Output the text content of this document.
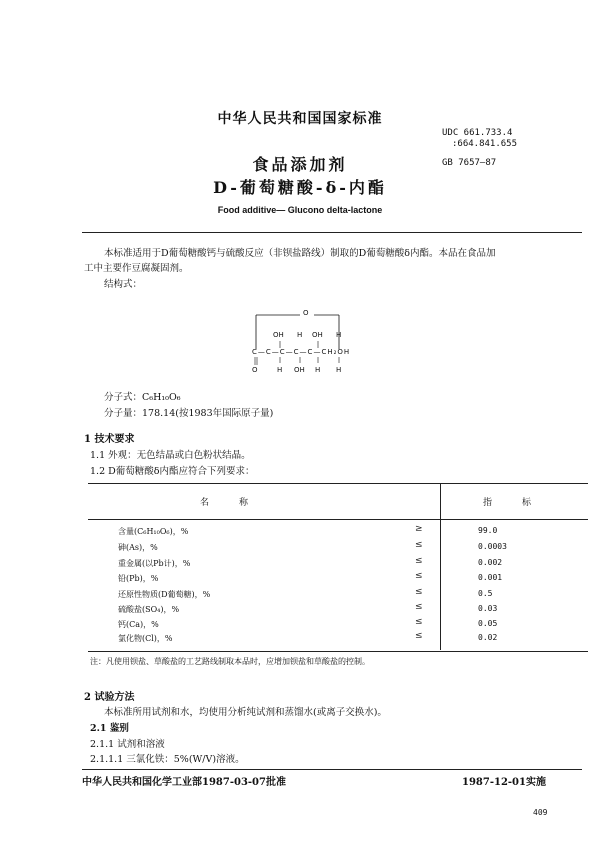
中华人民共和国国家标准
UDC 661.733.4
:664.841.655
GB 7657—87
食品添加剂
D-葡萄糖酸-δ-内酯
Food additive— Glucono delta-lactone
本标准适用于D葡萄糖酸钙与硫酸反应（非钡盐路线）制取的D葡萄糖酸δ内酯。本品在食品加
工中主要作豆腐凝固剂。
结构式：
O
OH H OH H
C—C—C—C—C—CH₂OH
O	H OH H H
分子式：C₆H₁₀O₆
分子量：178.14(按1983年国际原子量)
1 技术要求
1.1 外观：无色结晶或白色粉状结晶。
1.2 D葡萄糖酸δ内酯应符合下列要求：
名称	指标
含量(C₆H₁₀O₆)，%	≥	99.0
砷(As)，%	≤	0.0003
重金属(以Pb计)，%	≤	0.002
铅(Pb)，%	≤	0.001
还原性物质(D葡萄糖)，%	≤	0.5
硫酸盐(SO₄)，%	≤	0.03
钙(Ca)，%	≤	0.05
氯化物(Cl)，%	≤	0.02
注：凡使用钡盐、草酸盐的工艺路线制取本品时，应增加钡盐和草酸盐的控制。
2 试验方法
本标准所用试剂和水，均使用分析纯试剂和蒸馏水(或离子交换水)。
2.1 鉴别
2.1.1 试剂和溶液
2.1.1.1 三氯化铁：5%(W/V)溶液。
中华人民共和国化学工业部1987-03-07批准	1987-12-01实施
409
